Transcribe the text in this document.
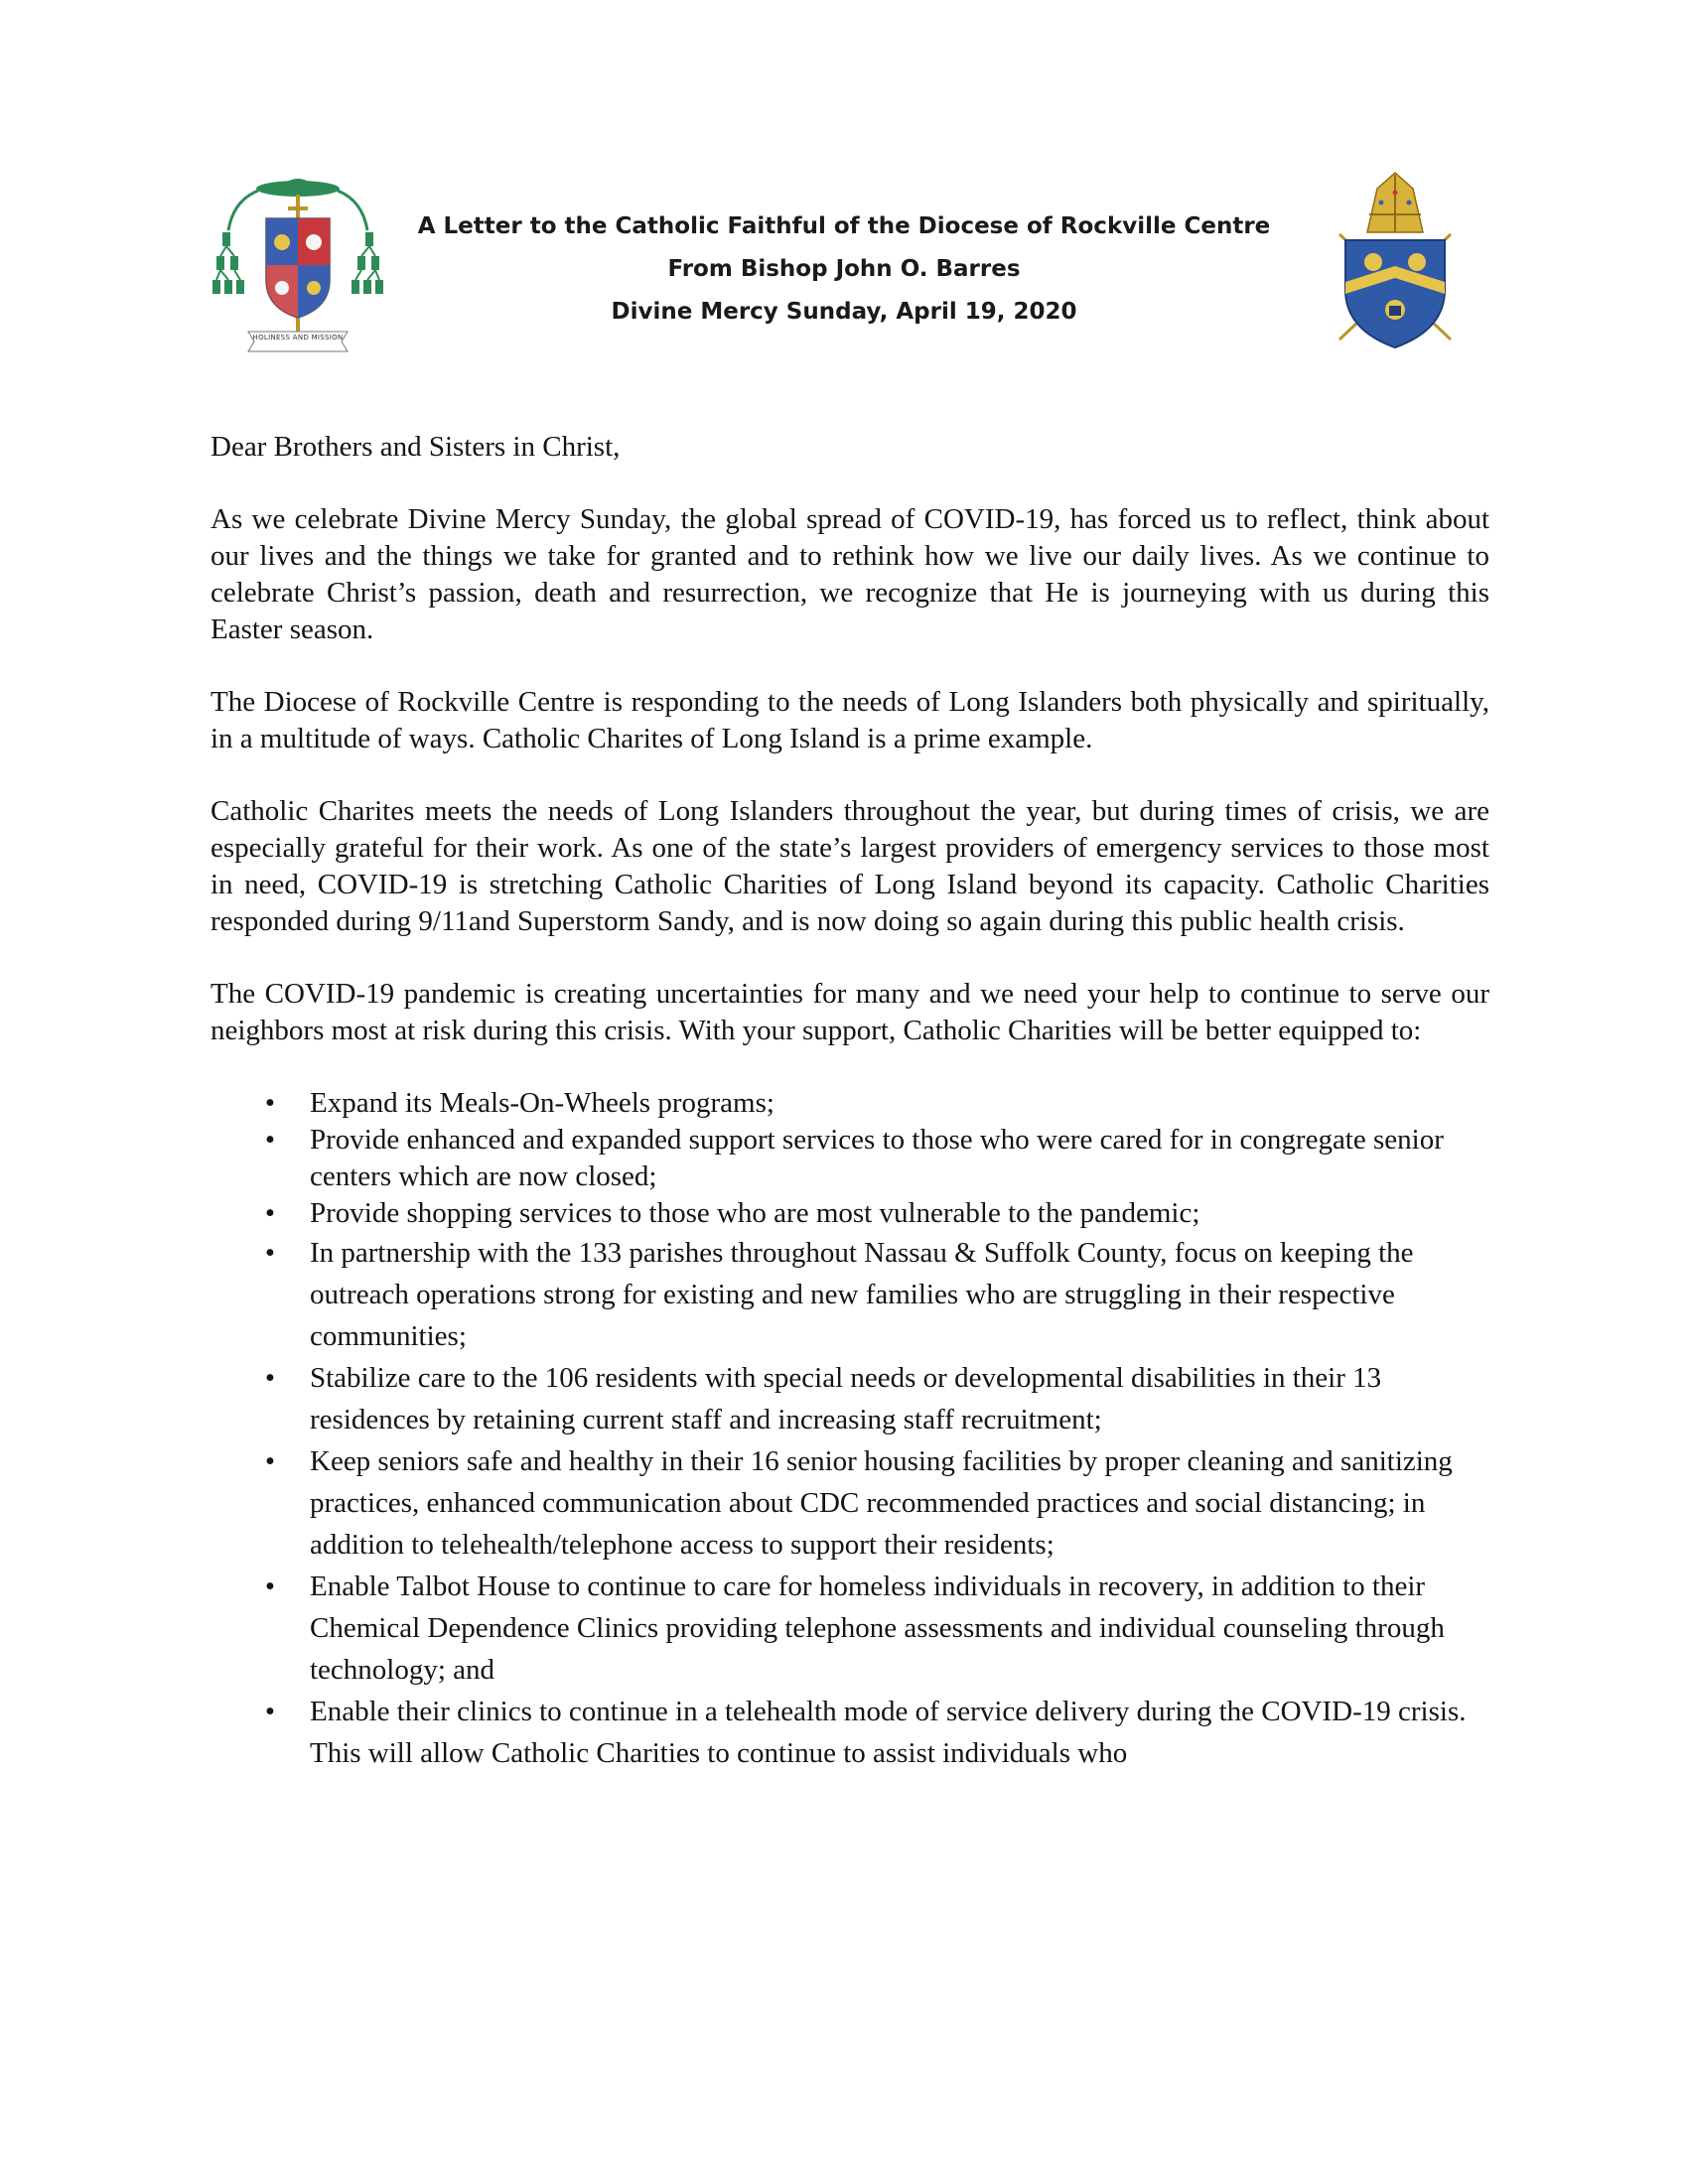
HOLINESS AND MISSION
A Letter to the Catholic Faithful of the Diocese of Rockville Centre
From Bishop John O. Barres
Divine Mercy Sunday, April 19, 2020

Dear Brothers and Sisters in Christ,

As we celebrate Divine Mercy Sunday, the global spread of COVID-19, has forced us to reflect, think about our lives and the things we take for granted and to rethink how we live our daily lives. As we continue to celebrate Christ’s passion, death and resurrection, we recognize that He is journeying with us during this Easter season.

The Diocese of Rockville Centre is responding to the needs of Long Islanders both physically and spiritually, in a multitude of ways. Catholic Charites of Long Island is a prime example.

Catholic Charites meets the needs of Long Islanders throughout the year, but during times of crisis, we are especially grateful for their work. As one of the state’s largest providers of emergency services to those most in need, COVID-19 is stretching Catholic Charities of Long Island beyond its capacity. Catholic Charities responded during 9/11and Superstorm Sandy, and is now doing so again during this public health crisis.

The COVID-19 pandemic is creating uncertainties for many and we need your help to continue to serve our neighbors most at risk during this crisis. With your support, Catholic Charities will be better equipped to:

• Expand its Meals-On-Wheels programs;
• Provide enhanced and expanded support services to those who were cared for in congregate senior centers which are now closed;
• Provide shopping services to those who are most vulnerable to the pandemic;
• In partnership with the 133 parishes throughout Nassau & Suffolk County, focus on keeping the outreach operations strong for existing and new families who are struggling in their respective communities;
• Stabilize care to the 106 residents with special needs or developmental disabilities in their 13 residences by retaining current staff and increasing staff recruitment;
• Keep seniors safe and healthy in their 16 senior housing facilities by proper cleaning and sanitizing practices, enhanced communication about CDC recommended practices and social distancing; in addition to telehealth/telephone access to support their residents;
• Enable Talbot House to continue to care for homeless individuals in recovery, in addition to their Chemical Dependence Clinics providing telephone assessments and individual counseling through technology; and
• Enable their clinics to continue in a telehealth mode of service delivery during the COVID-19 crisis. This will allow Catholic Charities to continue to assist individuals who
